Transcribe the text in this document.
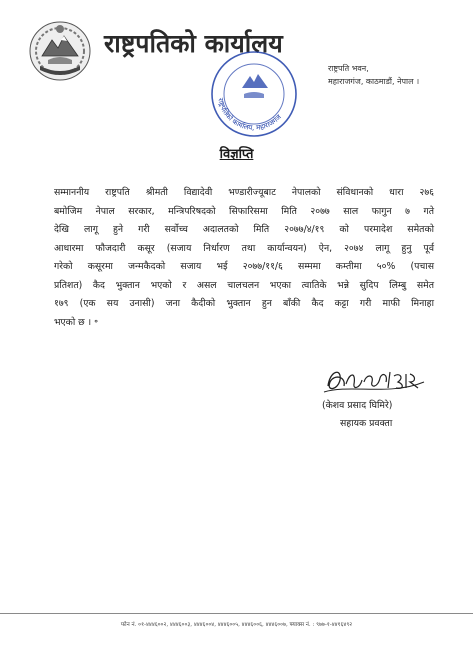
राष्ट्रपतिको कार्यालय
राष्ट्रपति भवन,
महाराजगंज, काठमाडौं, नेपाल ।
राष्ट्रपतिको कार्यालय, महाराजगंज
विज्ञप्ति
सम्माननीय राष्ट्रपति श्रीमती विद्यादेवी भण्डारीज्यूबाट नेपालको संविधानको धारा २७६
बमोजिम नेपाल सरकार, मन्त्रिपरिषदको सिफारिसमा मिति २०७७ साल फागुन ७ गते
देखि लागू हुने गरी सर्वोच्च अदालतको मिति २०७७/४/१९ को परमादेश समेतको
आधारमा फौजदारी कसूर (सजाय निर्धारण तथा कार्यान्वयन) ऐन, २०७४ लागू हुनु पूर्व
गरेको कसूरमा जन्मकैदको सजाय भई २०७७/११/६ सम्ममा कम्तीमा ५०% (पचास
प्रतिशत) कैद भुक्तान भएको र असल चालचलन भएका त्वातिके भन्ने सुदिप लिम्बु समेत
१७९ (एक सय उनासी) जना कैदीको भुक्तान हुन बाँकी कैद कट्टा गरी माफी मिनाहा
भएको छ । ॰
(केशव प्रसाद घिमिरे)
सहायक प्रवक्ता
फोन नं. ०१-४४४६००२, ४४४६००३, ४४४६००४, ४४४६००५, ४४४६००६, ४४४६००७, फ्याक्स नं. : ९७७-१-४४१६४९२
